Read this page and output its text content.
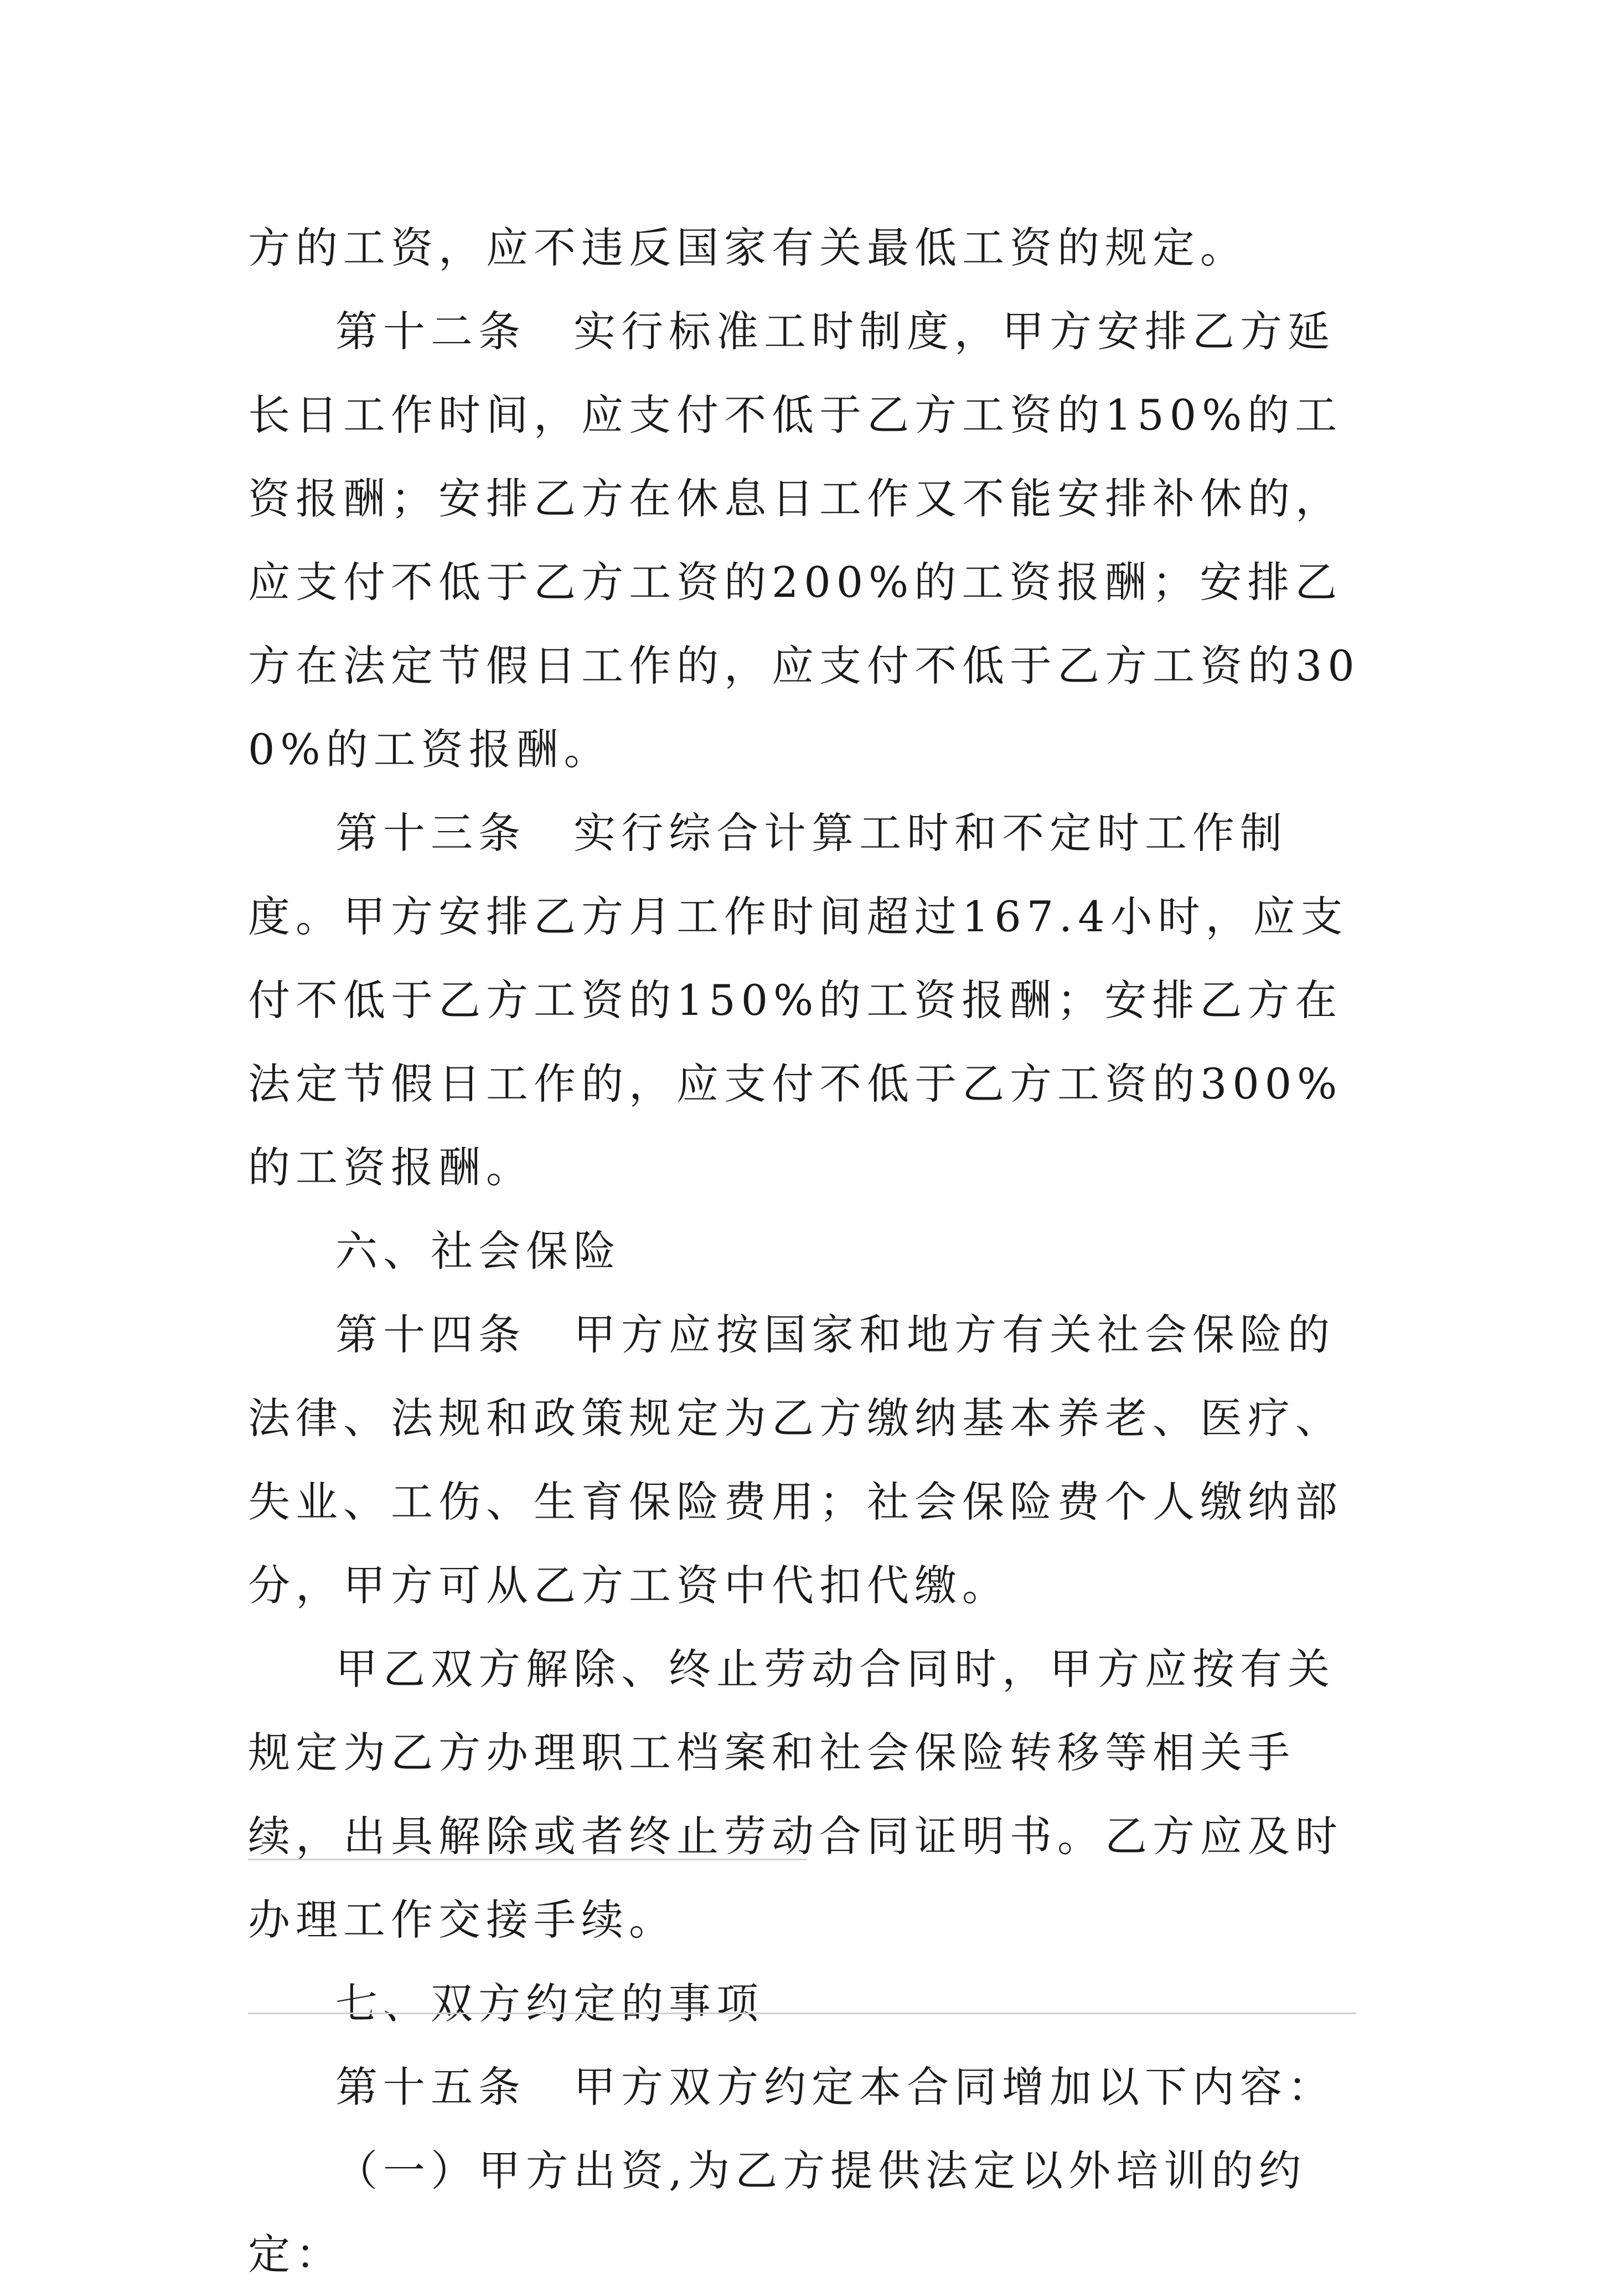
方的工资，应不违反国家有关最低工资的规定。

第十二条　实行标准工时制度，甲方安排乙方延长日工作时间，应支付不低于乙方工资的150%的工资报酬；安排乙方在休息日工作又不能安排补休的，应支付不低于乙方工资的200%的工资报酬；安排乙方在法定节假日工作的，应支付不低于乙方工资的300%的工资报酬。

第十三条　实行综合计算工时和不定时工作制度。甲方安排乙方月工作时间超过167.4小时，应支付不低于乙方工资的150%的工资报酬；安排乙方在法定节假日工作的，应支付不低于乙方工资的300%的工资报酬。

六、社会保险

第十四条　甲方应按国家和地方有关社会保险的法律、法规和政策规定为乙方缴纳基本养老、医疗、失业、工伤、生育保险费用；社会保险费个人缴纳部分，甲方可从乙方工资中代扣代缴。

甲乙双方解除、终止劳动合同时，甲方应按有关规定为乙方办理职工档案和社会保险转移等相关手续，出具解除或者终止劳动合同证明书。乙方应及时办理工作交接手续。

七、双方约定的事项

第十五条　甲方双方约定本合同增加以下内容：

（一）甲方出资,为乙方提供法定以外培训的约定：
